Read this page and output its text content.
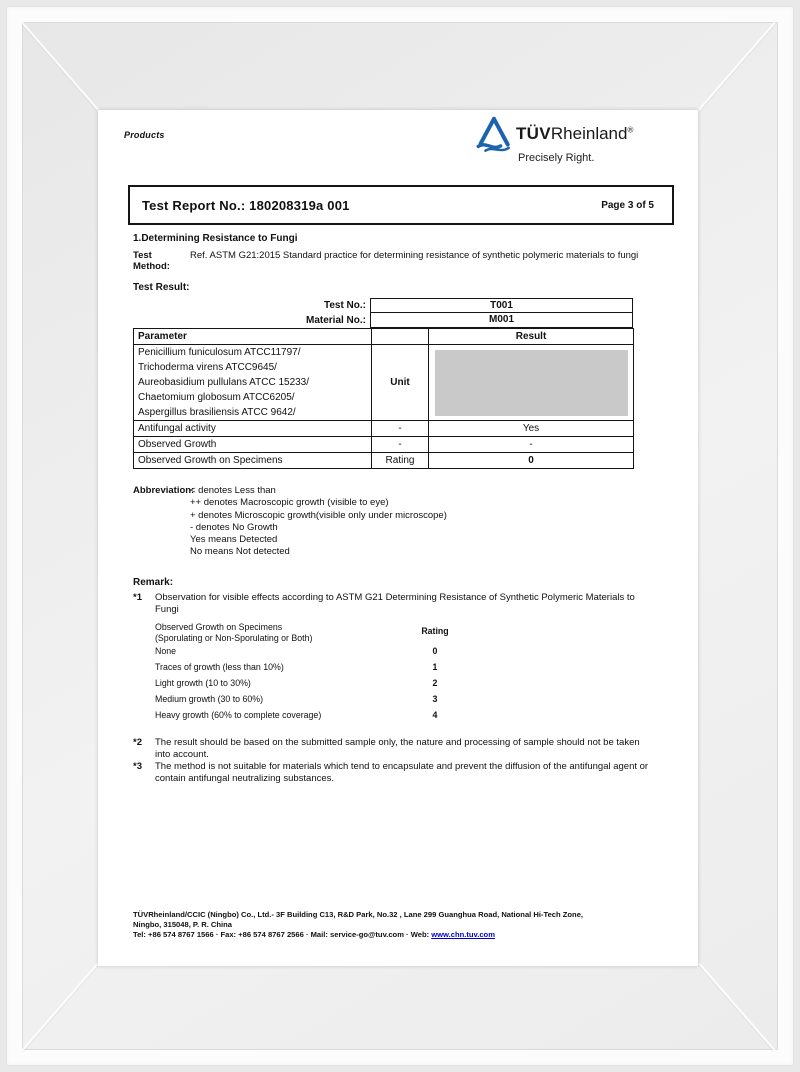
Products	TÜVRheinland®
Precisely Right.
Test Report No.: 180208319a 001	Page 3 of 5
1.Determining Resistance to Fungi
Test Method:
Ref. ASTM G21:2015 Standard practice for determining resistance of synthetic polymeric materials to fungi
Test Result:
Test No.:	T001
Material No.:	M001
Parameter		Result

Penicillium funiculosum ATCC11797/
Trichoderma virens ATCC9645/
Aureobasidium pullulans ATCC 15233/
Chaetomium globosum ATCC6205/
Aspergillus brasiliensis ATCC 9642/	Unit	

Antifungal activity	-	Yes
Observed Growth	-	-
Observed Growth on Specimens	Rating	0
Abbreviation:
< denotes Less than
++ denotes Macroscopic growth (visible to eye)
+ denotes Microscopic growth(visible only under microscope)
- denotes No Growth
Yes means Detected
No means Not detected
Remark:
*1	Observation for visible effects according to ASTM G21 Determining Resistance of Synthetic Polymeric Materials to Fungi
Observed Growth on Specimens
(Sporulating or Non-Sporulating or Both)
Rating
None	0
Traces of growth (less than 10%)	1
Light growth (10 to 30%)	2
Medium growth (30 to 60%)	3
Heavy growth (60% to complete coverage)	4
*2	The result should be based on the submitted sample only, the nature and processing of sample should not be taken into account.
*3	The method is not suitable for materials which tend to encapsulate and prevent the diffusion of the antifungal agent or contain antifungal neutralizing substances.
TÜVRheinland/CCIC (Ningbo) Co., Ltd.- 3F Building C13, R&D Park, No.32 , Lane 299 Guanghua Road, National Hi-Tech Zone,
Ningbo, 315048, P. R. China
Tel: +86 574 8767 1566 · Fax: +86 574 8767 2566 · Mail: service-go@tuv.com · Web: www.chn.tuv.com
